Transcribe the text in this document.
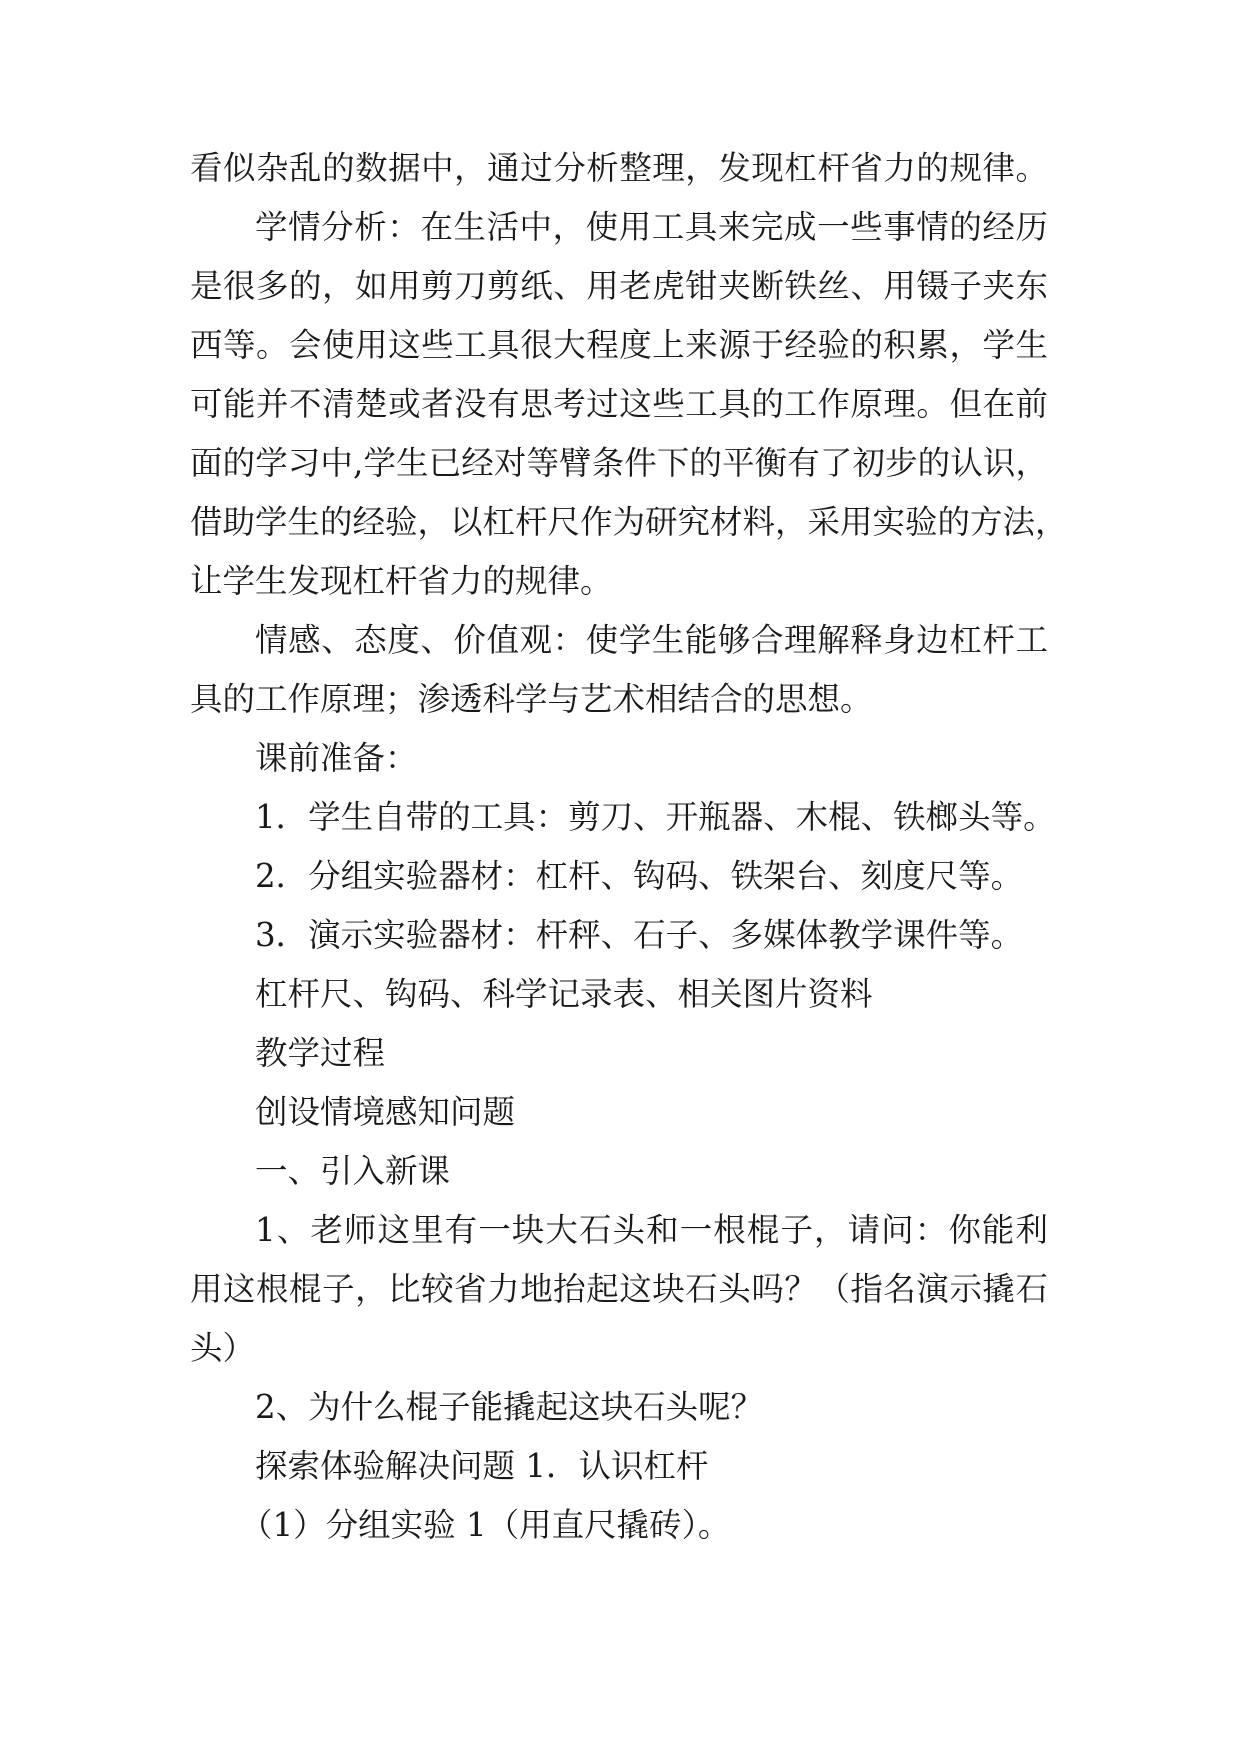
看似杂乱的数据中，通过分析整理，发现杠杆省力的规律。
学情分析：在生活中，使用工具来完成一些事情的经历
是很多的，如用剪刀剪纸、用老虎钳夹断铁丝、用镊子夹东
西等。会使用这些工具很大程度上来源于经验的积累，学生
可能并不清楚或者没有思考过这些工具的工作原理。但在前
面的学习中,学生已经对等臂条件下的平衡有了初步的认识，
借助学生的经验，以杠杆尺作为研究材料，采用实验的方法，
让学生发现杠杆省力的规律。
情感、态度、价值观：使学生能够合理解释身边杠杆工
具的工作原理；渗透科学与艺术相结合的思想。
课前准备：
1．学生自带的工具：剪刀、开瓶器、木棍、铁榔头等。
2．分组实验器材：杠杆、钩码、铁架台、刻度尺等。
3．演示实验器材：杆秤、石子、多媒体教学课件等。
杠杆尺、钩码、科学记录表、相关图片资料
教学过程
创设情境感知问题
一、引入新课
1、老师这里有一块大石头和一根棍子，请问：你能利
用这根棍子，比较省力地抬起这块石头吗？（指名演示撬石
头）
2、为什么棍子能撬起这块石头呢？
探索体验解决问题 1．认识杠杆
（1）分组实验 1（用直尺撬砖）。
